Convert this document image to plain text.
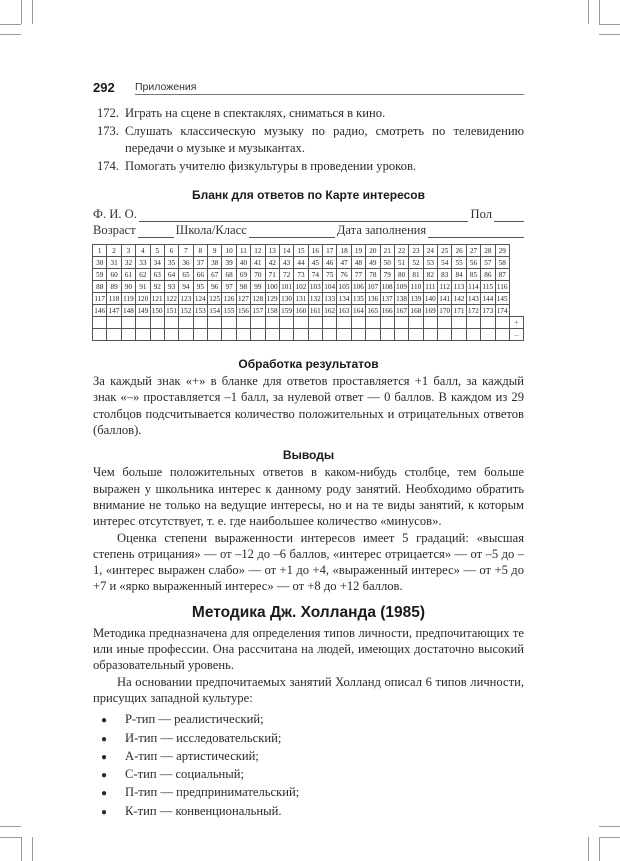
292 Приложения
172. Играть на сцене в спектаклях, сниматься в кино.
173. Слушать классическую музыку по радио, смотреть по телевидению передачи о музыке и музыкантах.
174. Помогать учителю физкультуры в проведении уроков.
Бланк для ответов по Карте интересов
Ф. И. О.	Пол
Возраст	Школа/Класс	Дата заполнения
1	2	3	4	5	6	7	8	9	10	11	12	13	14	15	16	17	18	19	20	21	22	23	24	25	26	27	28	29	
30	31	32	33	34	35	36	37	38	39	40	41	42	43	44	45	46	47	48	49	50	51	52	53	54	55	56	57	58	
59	60	61	62	63	64	65	66	67	68	69	70	71	72	73	74	75	76	77	78	79	80	81	82	83	84	85	86	87	
88	89	90	91	92	93	94	95	96	97	98	99	100	101	102	103	104	105	106	107	108	109	110	111	112	113	114	115	116	
117	118	119	120	121	122	123	124	125	126	127	128	129	130	131	132	133	134	135	136	137	138	139	140	141	142	143	144	145	
146	147	148	149	150	151	152	153	154	155	156	157	158	159	160	161	162	163	164	165	166	167	168	169	170	171	172	173	174	
																													+
																													–
Обработка результатов

За каждый знак «+» в бланке для ответов проставляется +1 балл, за каждый знак «–» проставляется –1 балл, за нулевой ответ — 0 баллов. В каждом из 29 столбцов подсчитывается количество положительных и отрицательных ответов (баллов).

Выводы

Чем больше положительных ответов в каком-нибудь столбце, тем больше выражен у школьника интерес к данному роду занятий. Необходимо обратить внимание не только на ведущие интересы, но и на те виды занятий, к которым интерес отсутствует, т. е. где наибольшее количество «минусов».

Оценка степени выраженности интересов имеет 5 градаций: «высшая степень отрицания» — от –12 до –6 баллов, «интерес отрицается» — от –5 до –1, «интерес выражен слабо» — от +1 до +4, «выраженный интерес» — от +5 до +7 и «ярко выраженный интерес» — от +8 до +12 баллов.

Методика Дж. Холланда (1985)

Методика предназначена для определения типов личности, предпочитающих те или иные профессии. Она рассчитана на людей, имеющих достаточно высокий образовательный уровень.

На основании предпочитаемых занятий Холланд описал 6 типов личности, присущих западной культуре:

●	Р-тип — реалистический;
●	И-тип — исследовательский;
●	А-тип — артистический;
●	С-тип — социальный;
●	П-тип — предпринимательский;
●	К-тип — конвенциональный.
